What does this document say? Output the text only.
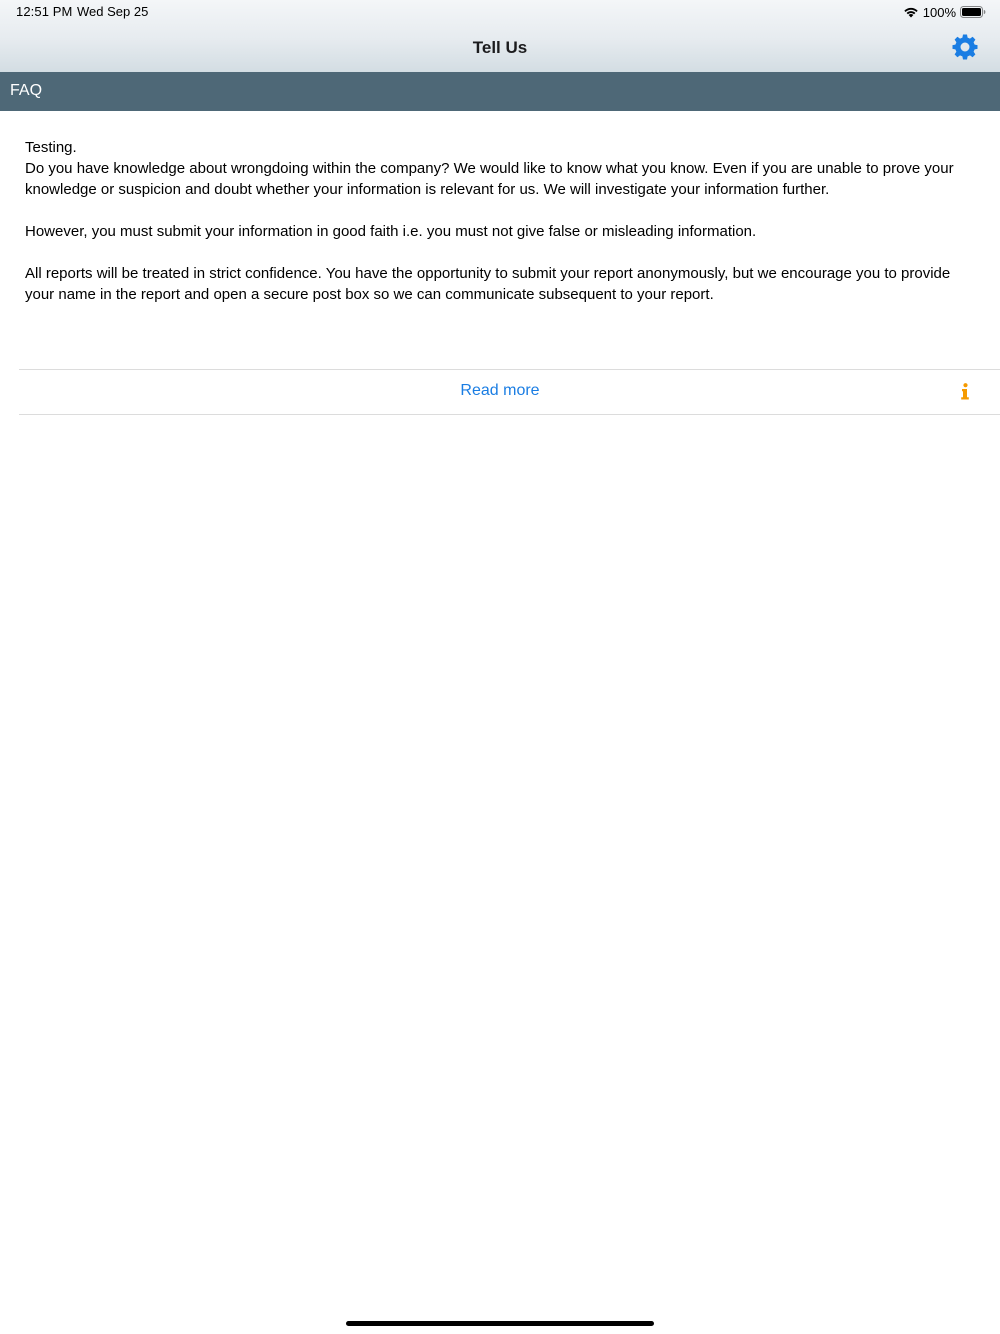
12:51 PM Wed Sep 25	100%
Tell Us
FAQ

Testing.

Do you have knowledge about wrongdoing within the company? We would like to know what you know. Even if you are unable to prove your knowledge or suspicion and doubt whether your information is relevant for us. We will investigate your information further.

However, you must submit your information in good faith i.e. you must not give false or misleading information.

All reports will be treated in strict confidence. You have the opportunity to submit your report anonymously, but we encourage you to provide your name in the report and open a secure post box so we can communicate subsequent to your report.

Read more
